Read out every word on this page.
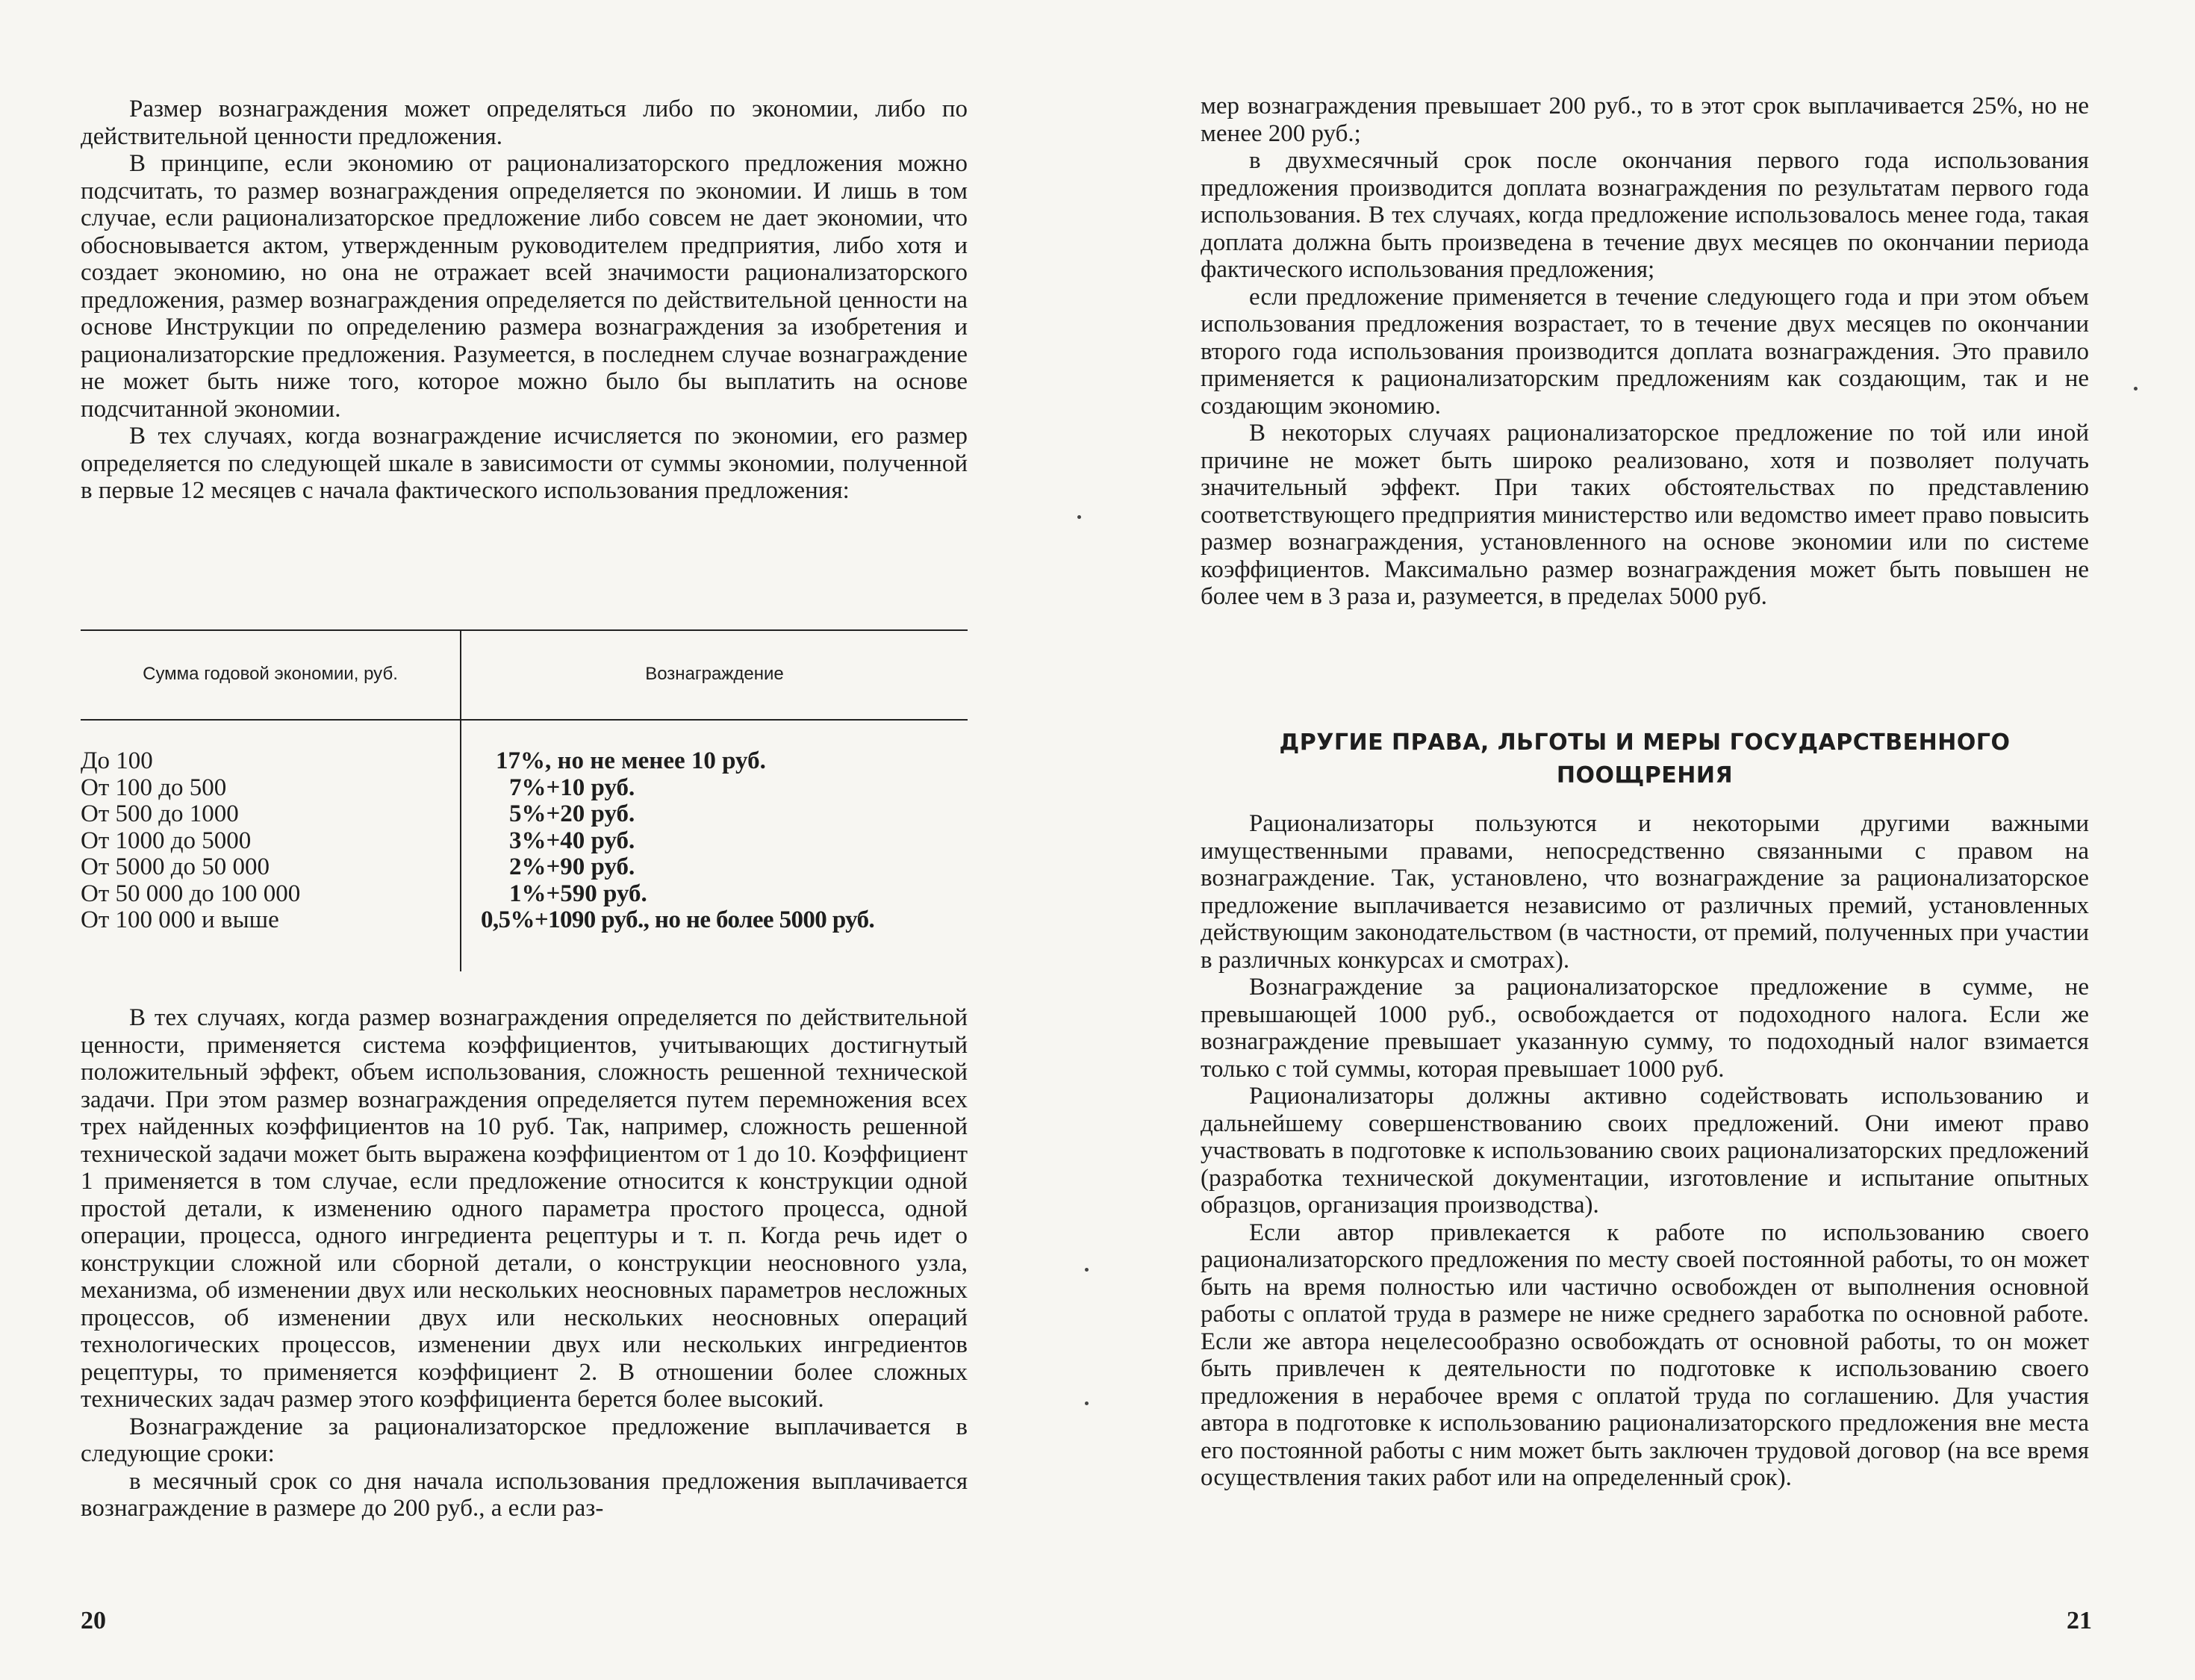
Размер вознаграждения может определяться либо по экономии, либо по действительной ценности предложения.

В принципе, если экономию от рационализаторского предложения можно подсчитать, то размер вознаграждения определяется по экономии. И лишь в том случае, если рационализаторское предложение либо совсем не дает экономии, что обосновывается актом, утвержденным руководителем предприятия, либо хотя и создает экономию, но она не отражает всей значимости рационализаторского предложения, размер вознаграждения определяется по действительной ценности на основе Инструкции по определению размера вознаграждения за изобретения и рационализаторские предложения. Разумеется, в последнем случае вознаграждение не может быть ниже того, которое можно было бы выплатить на основе подсчитанной экономии.

В тех случаях, когда вознаграждение исчисляется по экономии, его размер определяется по следующей шкале в зависимости от суммы экономии, полученной в первые 12 месяцев с начала фактического использования предложения:

Сумма годовой экономии, руб.	Вознаграждение
До 100	17%, но не менее 10 руб.
От 100 до 500	7%+10 руб.
От 500 до 1000	5%+20 руб.
От 1000 до 5000	3%+40 руб.
От 5000 до 50 000	2%+90 руб.
От 50 000 до 100 000	1%+590 руб.
От 100 000 и выше	0,5%+1090 руб., но не более 5000 руб.

В тех случаях, когда размер вознаграждения определяется по действительной ценности, применяется система коэффициентов, учитывающих достигнутый положительный эффект, объем использования, сложность решенной технической задачи. При этом размер вознаграждения определяется путем перемножения всех трех найденных коэффициентов на 10 руб. Так, например, сложность решенной технической задачи может быть выражена коэффициентом от 1 до 10. Коэффициент 1 применяется в том случае, если предложение относится к конструкции одной простой детали, к изменению одного параметра простого процесса, одной операции, процесса, одного ингредиента рецептуры и т. п. Когда речь идет о конструкции сложной или сборной детали, о конструкции неосновного узла, механизма, об изменении двух или нескольких неосновных параметров несложных процессов, об изменении двух или нескольких неосновных операций технологических процессов, изменении двух или нескольких ингредиентов рецептуры, то применяется коэффициент 2. В отношении более сложных технических задач размер этого коэффициента берется более высокий.

Вознаграждение за рационализаторское предложение выплачивается в следующие сроки:

в месячный срок со дня начала использования предложения выплачивается вознаграждение в размере до 200 руб., а если раз-

20

мер вознаграждения превышает 200 руб., то в этот срок выплачивается 25%, но не менее 200 руб.;

в двухмесячный срок после окончания первого года использования предложения производится доплата вознаграждения по результатам первого года использования. В тех случаях, когда предложение использовалось менее года, такая доплата должна быть произведена в течение двух месяцев по окончании периода фактического использования предложения;

если предложение применяется в течение следующего года и при этом объем использования предложения возрастает, то в течение двух месяцев по окончании второго года использования производится доплата вознаграждения. Это правило применяется к рационализаторским предложениям как создающим, так и не создающим экономию.

В некоторых случаях рационализаторское предложение по той или иной причине не может быть широко реализовано, хотя и позволяет получать значительный эффект. При таких обстоятельствах по представлению соответствующего предприятия министерство или ведомство имеет право повысить размер вознаграждения, установленного на основе экономии или по системе коэффициентов. Максимально размер вознаграждения может быть повышен не более чем в 3 раза и, разумеется, в пределах 5000 руб.

ДРУГИЕ ПРАВА, ЛЬГОТЫ И МЕРЫ ГОСУДАРСТВЕННОГО ПООЩРЕНИЯ

Рационализаторы пользуются и некоторыми другими важными имущественными правами, непосредственно связанными с правом на вознаграждение. Так, установлено, что вознаграждение за рационализаторское предложение выплачивается независимо от различных премий, установленных действующим законодательством (в частности, от премий, полученных при участии в различных конкурсах и смотрах).

Вознаграждение за рационализаторское предложение в сумме, не превышающей 1000 руб., освобождается от подоходного налога. Если же вознаграждение превышает указанную сумму, то подоходный налог взимается только с той суммы, которая превышает 1000 руб.

Рационализаторы должны активно содействовать использованию и дальнейшему совершенствованию своих предложений. Они имеют право участвовать в подготовке к использованию своих рационализаторских предложений (разработка технической документации, изготовление и испытание опытных образцов, организация производства).

Если автор привлекается к работе по использованию своего рационализаторского предложения по месту своей постоянной работы, то он может быть на время полностью или частично освобожден от выполнения основной работы с оплатой труда в размере не ниже среднего заработка по основной работе. Если же автора нецелесообразно освобождать от основной работы, то он может быть привлечен к деятельности по подготовке к использованию своего предложения в нерабочее время с оплатой труда по соглашению. Для участия автора в подготовке к использованию рационализаторского предложения вне места его постоянной работы с ним может быть заключен трудовой договор (на все время осуществления таких работ или на определенный срок).

21
